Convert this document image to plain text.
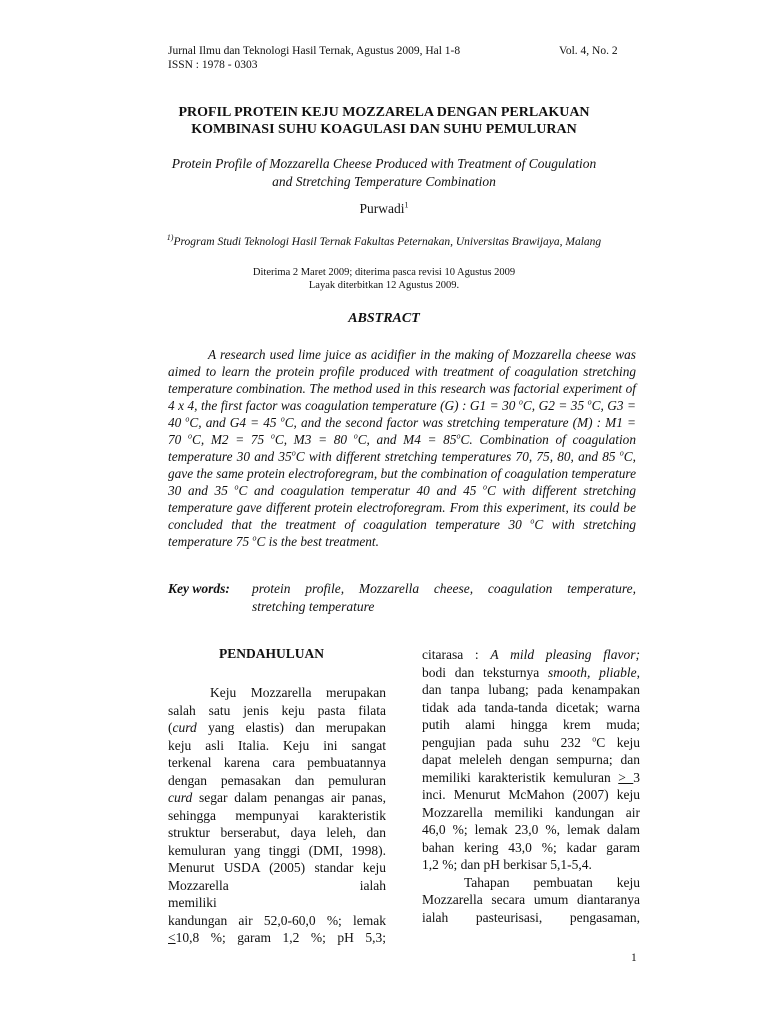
Jurnal Ilmu dan Teknologi Hasil Ternak, Agustus 2009, Hal 1-8	Vol. 4, No. 2
ISSN : 1978 - 0303
PROFIL PROTEIN KEJU MOZZARELA DENGAN PERLAKUAN
KOMBINASI SUHU KOAGULASI DAN SUHU PEMULURAN
Protein Profile of Mozzarella Cheese Produced with Treatment of Cougulation
and Stretching Temperature Combination
Purwadi$^1$
$^{1)}$Program Studi Teknologi Hasil Ternak Fakultas Peternakan, Universitas Brawijaya, Malang
Diterima 2 Maret 2009; diterima pasca revisi 10 Agustus 2009
Layak diterbitkan 12 Agustus 2009.
ABSTRACT
A research used lime juice as acidifier in the making of Mozzarella cheese was aimed to learn the protein profile produced with treatment of coagulation stretching temperature combination. The method used in this research was factorial experiment of 4 x 4, the first factor was coagulation temperature (G) : G1 = 30 $^o$C, G2 = 35 $^o$C, G3 = 40 $^o$C, and G4 = 45 $^o$C, and the second factor was stretching temperature (M) : M1 = 70 $^o$C, M2 = 75 $^o$C, M3 = 80 $^o$C, and $M4 = 85^oC$. Combination of coagulation temperature 30 and 35$^o$C with different stretching temperatures 70, 75, 80, and 85 $^o$C, gave the same protein electroforegram, but the combination of coagulation temperature 30 and 35 $^o$C and coagulation temperatur 40 and 45 $^o$C with different stretching temperature gave different protein electroforegram. From this experiment, its could be concluded that the treatment of coagulation temperature 30 $^o$C with stretching temperature 75 $^o$C is the best treatment.
Key words: protein profile, Mozzarella cheese, coagulation temperature,
stretching temperature
PENDAHULUAN

Keju Mozzarella merupakan

salah satu jenis keju pasta filata

(curd yang elastis) dan merupakan

keju asli Italia. Keju ini sangat

terkenal karena cara pembuatannya

dengan pemasakan dan pemuluran

curd segar dalam penangas air panas,

sehingga mempunyai karakteristik

struktur berserabut, daya leleh, dan

kemuluran yang tinggi (DMI, 1998).

Menurut USDA (2005) standar keju

Mozzarella ialah memiliki

kandungan air 52,0-60,0 %; lemak

<10,8 %; garam 1,2 %; pH 5,3;

citarasa : A mild pleasing flavor;

bodi dan teksturnya smooth, pliable,

dan tanpa lubang; pada kenampakan

tidak ada tanda-tanda dicetak; warna

putih alami hingga krem muda;

pengujian pada suhu 232 $^o$C keju

dapat meleleh dengan sempurna; dan

memiliki karakteristik kemuluran > 3

inci. Menurut McMahon (2007) keju

Mozzarella memiliki kandungan air

46,0 %; lemak 23,0 %, lemak dalam

bahan kering 43,0 %; kadar garam

1,2 %; dan pH berkisar 5,1-5,4.

Tahapan pembuatan keju

Mozzarella secara umum diantaranya

ialah pasteurisasi, pengasaman,

1
